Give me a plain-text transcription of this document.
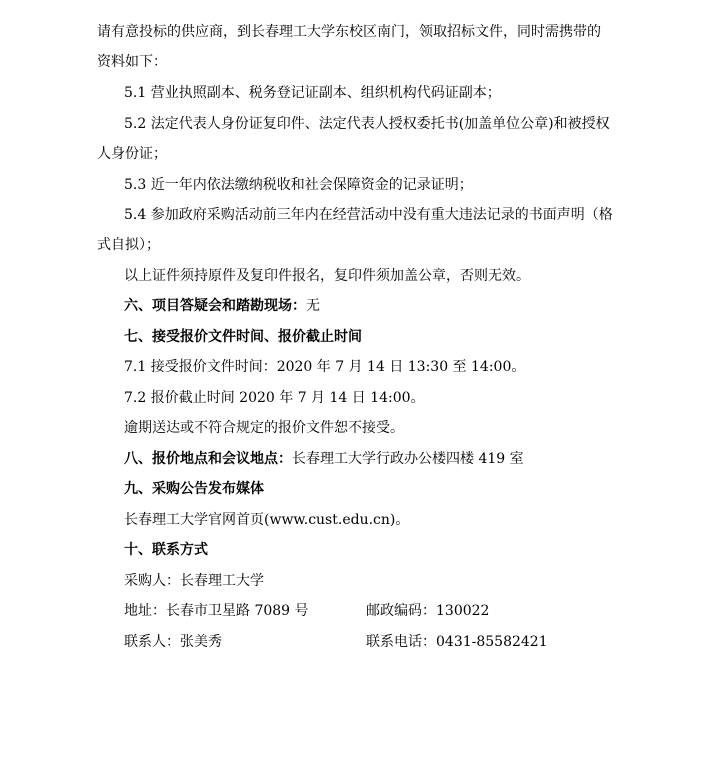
请有意投标的供应商，到长春理工大学东校区南门，领取招标文件，同时需携带的
资料如下：
5.1 营业执照副本、税务登记证副本、组织机构代码证副本；
5.2 法定代表人身份证复印件、法定代表人授权委托书(加盖单位公章)和被授权
人身份证；
5.3 近一年内依法缴纳税收和社会保障资金的记录证明；
5.4 参加政府采购活动前三年内在经营活动中没有重大违法记录的书面声明（格
式自拟）；
以上证件须持原件及复印件报名，复印件须加盖公章，否则无效。
六、项目答疑会和踏勘现场：无
七、接受报价文件时间、报价截止时间
7.1 接受报价文件时间：2020 年 7 月 14 日 13:30 至 14:00。
7.2 报价截止时间 2020 年 7 月 14 日 14:00。
逾期送达或不符合规定的报价文件恕不接受。
八、报价地点和会议地点：长春理工大学行政办公楼四楼 419 室
九、采购公告发布媒体
长春理工大学官网首页(www.cust.edu.cn)。
十、联系方式
采购人：长春理工大学
地址：长春市卫星路 7089 号	邮政编码：130022
联系人：张美秀	联系电话：0431-85582421
